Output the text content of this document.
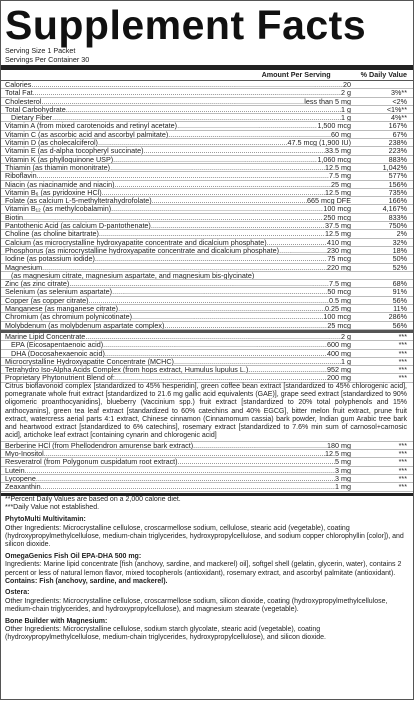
Supplement Facts
Serving Size 1 Packet
Servings Per Container 30
Amount Per Serving	% Daily Value
Calories .....	20
Total Fat .....	2 g	3%**
Cholesterol .....	less than 5 mg	<2%
Total Carbohydrate .....	1 g	<1%**
Dietary Fiber .....	1 g	4%**
Vitamin A (from mixed carotenoids and retinyl acetate) .....	1,500 mcg	167%
Vitamin C (as ascorbic acid and ascorbyl palmitate) .....	60 mg	67%
Vitamin D (as cholecalciferol) .....	47.5 mcg (1,900 IU)	238%
Vitamin E (as d-alpha tocopheryl succinate) .....	33.5 mg	223%
Vitamin K (as phylloquinone USP) .....	1,060 mcg	883%
Thiamin (as thiamin mononitrate) .....	12.5 mg	1,042%
Riboflavin .....	7.5 mg	577%
Niacin (as niacinamide and niacin) .....	25 mg	156%
Vitamin B₆ (as pyridoxine HCl) .....	12.5 mg	735%
Folate (as calcium L-5-methyltetrahydrofolate) .....	665 mcg DFE	166%
Vitamin B₁₂ (as methylcobalamin) .....	100 mcg	4,167%
Biotin .....	250 mcg	833%
Pantothenic Acid (as calcium D-pantothenate) .....	37.5 mg	750%
Choline (as choline bitartrate) .....	12.5 mg	2%
Calcium (as microcrystalline hydroxyapatite concentrate and dicalcium phosphate) .....	410 mg	32%
Phosphorus (as microcrystalline hydroxyapatite concentrate and dicalcium phosphate) .....	230 mg	18%
Iodine (as potassium iodide) .....	75 mcg	50%
Magnesium .....	220 mg	52%
(as magnesium citrate, magnesium aspartate, and magnesium bis-glycinate)
Zinc (as zinc citrate) .....	7.5 mg	68%
Selenium (as selenium aspartate) .....	50 mcg	91%
Copper (as copper citrate) .....	0.5 mg	56%
Manganese (as manganese citrate) .....	0.25 mg	11%
Chromium (as chromium polynicotinate) .....	100 mcg	286%
Molybdenum (as molybdenum aspartate complex) .....	25 mcg	56%
Marine Lipid Concentrate .....	2 g	***
EPA (Eicosapentaenoic acid) .....	600 mg	***
DHA (Docosahexaenoic acid) .....	400 mg	***
Microcrystalline Hydroxyapatite Concentrate (MCHC) .....	1 g	***
Tetrahydro Iso-Alpha Acids Complex (from hops extract, Humulus lupulus L.) .....	952 mg	***
Proprietary Phytonutrient Blend of: .....	200 mg	***
Citrus bioflavonoid complex [standardized to 45% hesperidin], green coffee bean extract [standardized to 45% chlorogenic acid], pomegranate whole fruit extract [standardized to 21.6 mg gallic acid equivalents (GAE)], grape seed extract [standardized to 90% oligomeric proanthocyanidins], blueberry (Vaccinium spp.) fruit extract [standardized to 20% total polyphenols and 15% anthocyanins], green tea leaf extract [standardized to 60% catechins and 40% EGCG], bitter melon fruit extract, prune fruit extract, watercress aerial parts 4:1 extract, Chinese cinnamon (Cinnamomum cassia) bark powder, Indian gum Arabic tree bark and heartwood extract [standardized to 6% catechins], rosemary extract [standardized to 7.6% min sum of carnosol+carnosic acid], artichoke leaf extract [containing cynarin and chlorogenic acid]
Berberine HCl (from Phellodendron amurense bark extract) .....	180 mg	***
Myo-Inositol .....	12.5 mg	***
Resveratrol (from Polygonum cuspidatum root extract) .....	5 mg	***
Lutein .....	3 mg	***
Lycopene .....	3 mg	***
Zeaxanthin .....	1 mg	***
**Percent Daily Values are based on a 2,000 calorie diet.
***Daily Value not established.
PhytoMulti Multivitamin:
Other Ingredients: Microcrystalline cellulose, croscarmellose sodium, cellulose, stearic acid (vegetable), coating (hydroxypropylmethylcellulose, medium-chain triglycerides, hydroxypropylcellulose, and sodium copper chlorophyllin [color]), and silicon dioxide.
OmegaGenics Fish Oil EPA-DHA 500 mg:
Ingredients: Marine lipid concentrate [fish (anchovy, sardine, and mackerel) oil], softgel shell (gelatin, glycerin, water), contains 2 percent or less of natural lemon flavor, mixed tocopherols (antioxidant), rosemary extract, and ascorbyl palmitate (antioxidant). Contains: Fish (anchovy, sardine, and mackerel).
Ostera:
Other Ingredients: Microcrystalline cellulose, croscarmellose sodium, silicon dioxide, coating (hydroxypropylmethylcellulose, medium-chain triglycerides, and hydroxypropylcellulose), and magnesium stearate (vegetable).
Bone Builder with Magnesium:
Other Ingredients: Microcrystalline cellulose, sodium starch glycolate, stearic acid (vegetable), coating (hydroxypropylmethylcellulose, medium-chain triglycerides, hydroxypropylcellulose), and silicon dioxide.
